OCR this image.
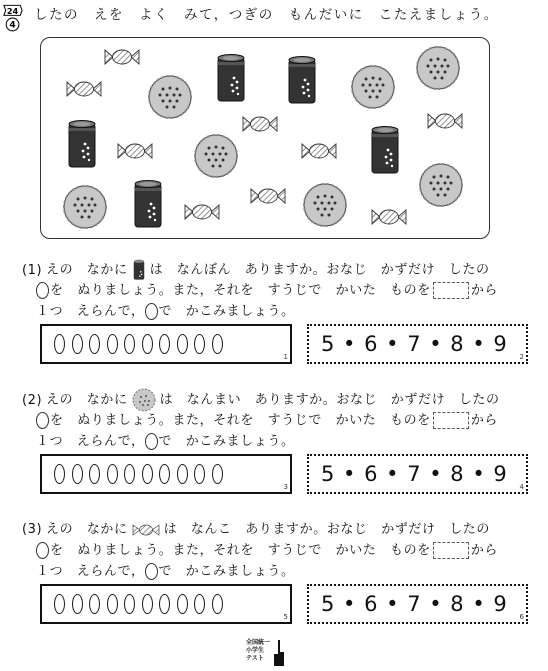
24
4
したの　えを　よく　みて，つぎの　もんだいに　こたえましょう。
(1) えの　なかに は　なんぼん　ありますか。おなじ　かずだけ　したの
を　ぬりましょう。また，それを　すうじで　かいた　ものを	から
１つ　えらんで， で　かこみましょう。
1
5 • 6 • 7 • 8 • 9
2
(2) えの　なかに は　なんまい　ありますか。おなじ　かずだけ　したの
を　ぬりましょう。また，それを　すうじで　かいた　ものを	から
１つ　えらんで， で　かこみましょう。
3
5 • 6 • 7 • 8 • 9
4
(3) えの　なかに	は　なんこ　ありますか。おなじ　かずだけ　したの
を　ぬりましょう。また，それを　すうじで　かいた　ものを	から
１つ　えらんで， で　かこみましょう。
5
5 • 6 • 7 • 8 • 9
6
全国統一
小学生
テスト
